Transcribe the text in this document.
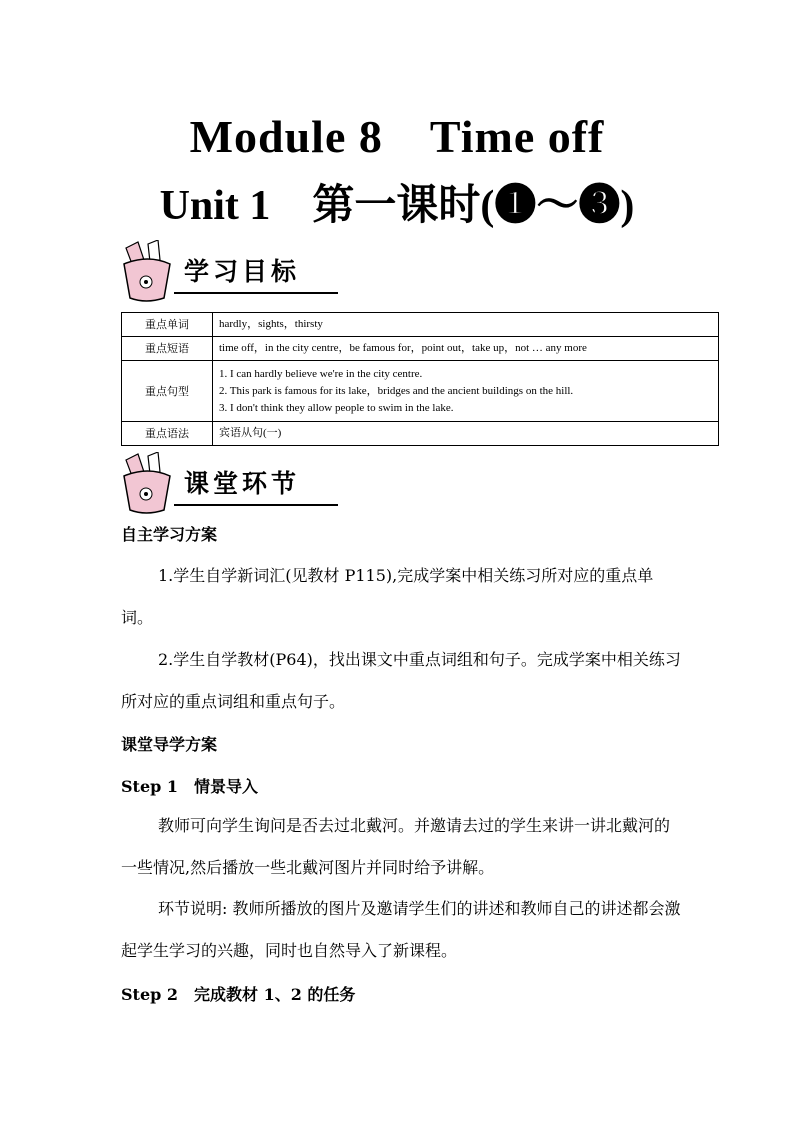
Module 8　Time off
Unit 1　第一课时(❶～❸)
学习目标
重点单词	hardly，sights，thirsty
重点短语	time off，in the city centre，be famous for，point out，take up，not … any more
重点句型	1. I can hardly believe we're in the city centre.
2. This park is famous for its lake，bridges and the ancient buildings on the hill.
3. I don't think they allow people to swim in the lake.

重点语法	宾语从句(一)
课堂环节
自主学习方案
1.学生自学新词汇(见教材 P115),完成学案中相关练习所对应的重点单词。
2.学生自学教材(P64)，找出课文中重点词组和句子。完成学案中相关练习所对应的重点词组和重点句子。
课堂导学方案
Step 1　情景导入
教师可向学生询问是否去过北戴河。并邀请去过的学生来讲一讲北戴河的一些情况,然后播放一些北戴河图片并同时给予讲解。
环节说明: 教师所播放的图片及邀请学生们的讲述和教师自己的讲述都会激起学生学习的兴趣，同时也自然导入了新课程。
Step 2　完成教材 1、2 的任务
